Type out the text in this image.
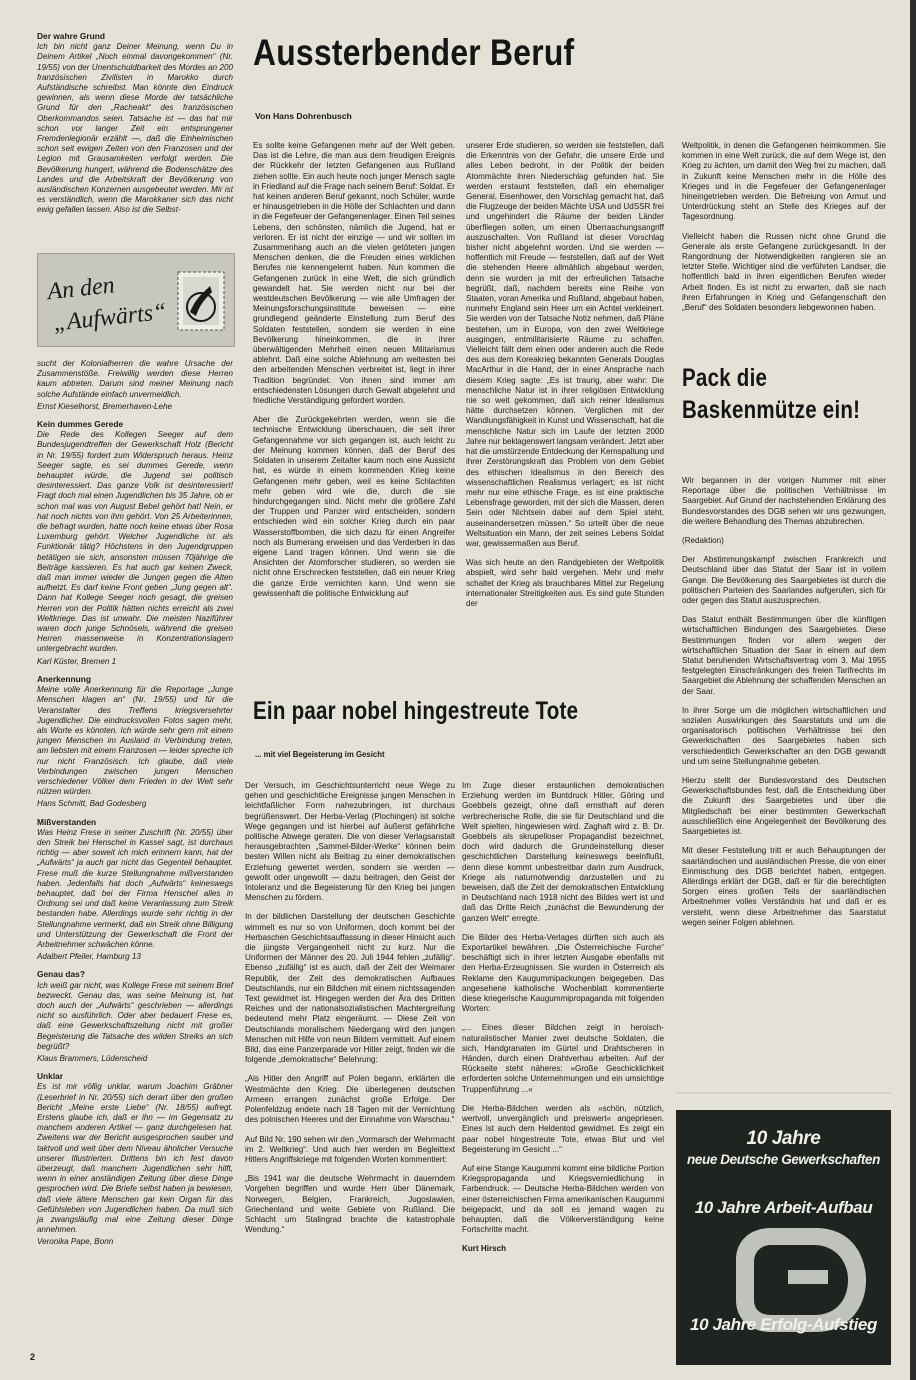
Der wahre Grund

Ich bin nicht ganz Deiner Meinung, wenn Du in Deinem Artikel „Noch einmal davongekommen“ (Nr. 19/55) von der Unentschuldbarkeit des Mordes an 200 französischen Zivilisten in Marokko durch Aufständische schreibst. Man könnte den Eindruck gewinnen, als wenn diese Morde der tatsächliche Grund für den „Racheakt“ des französischen Oberkommandos seien. Tatsache ist — das hat mir schon vor langer Zeit ein entsprungener Fremdenlegionär erzählt —, daß die Einheimischen schon seit ewigen Zeiten von den Franzosen und der Legion mit Grausamkeiten verfolgt werden. Die Bevölkerung hungert, während die Bodenschätze des Landes und die Arbeitskraft der Bevölkerung von ausländischen Konzernen ausgebeutet werden. Mir ist es verständlich, wenn die Marokkaner sich das nicht ewig gefallen lassen. Also ist die Selbst-

An den
„Aufwärts“

sucht der Kolonialherren die wahre Ursache der Zusammenstöße. Freiwillig werden diese Herren kaum abtreten. Darum sind meiner Meinung nach solche Aufstände einfach unvermeidlich.

Ernst Kieselhorst, Bremerhaven-Lehe

Kein dummes Gerede

Die Rede des Kollegen Seeger auf dem Bundesjugendtreffen der Gewerkschaft Holz (Bericht in Nr. 19/55) fordert zum Widerspruch heraus. Heinz Seeger sagte, es sei dummes Gerede, wenn behauptet würde, die Jugend sei politisch desinteressiert. Das ganze Volk ist desinteressiert! Fragt doch mal einen Jugendlichen bis 35 Jahre, ob er schon mal was von August Bebel gehört hat! Nein, er hat noch nichts von ihm gehört. Von 25 Arbeiterinnen, die befragt wurden, hatte noch keine etwas über Rosa Luxemburg gehört. Welcher Jugendliche ist als Funktionär tätig? Höchstens in den Jugendgruppen betätigen sie sich, ansonsten müssen 70jährige die Beiträge kassieren. Es hat auch gar keinen Zweck, daß man immer wieder die Jungen gegen die Alten aufhetzt. Es darf keine Front geben „Jung gegen alt“. Dann hat Kollege Seeger noch gesagt, die greisen Herren von der Politik hätten nichts erreicht als zwei Weltkriege. Das ist unwahr. Die meisten Naziführer waren doch junge Schnösels, während die greisen Herren massenweise in Konzentrationslagern untergebracht wurden.

Karl Küster, Bremen 1

Anerkennung

Meine volle Anerkennung für die Reportage „Junge Menschen klagen an“ (Nr. 19/55) und für die Veranstalter des Treffens kriegsversehrter Jugendlicher. Die eindrucksvollen Fotos sagen mehr, als Worte es könnten. Ich würde sehr gern mit einem jungen Menschen im Ausland in Verbindung treten, am liebsten mit einem Franzosen — leider spreche ich nur nicht Französisch. Ich glaube, daß viele Verbindungen zwischen jungen Menschen verschiedener Völker dem Frieden in der Welt sehr nützen würden.

Hans Schmitt, Bad Godesberg

Mißverstanden

Was Heinz Frese in seiner Zuschrift (Nr. 20/55) über den Streik bei Henschel in Kassel sagt, ist durchaus richtig — aber soweit ich mich erinnern kann, hat der „Aufwärts“ ja auch gar nicht das Gegenteil behauptet. Frese muß die kurze Stellungnahme mißverstanden haben. Jedenfalls hat doch „Aufwärts“ keineswegs behauptet, daß bei der Firma Henschel alles in Ordnung sei und daß keine Veranlassung zum Streik bestanden habe. Allerdings wurde sehr richtig in der Stellungnahme vermerkt, daß ein Streik ohne Billigung und Unterstützung der Gewerkschaft die Front der Arbeitnehmer schwächen könne.

Adalbert Pfeiler, Hamburg 13

Genau das?

Ich weiß gar nicht, was Kollege Frese mit seinem Brief bezweckt. Genau das, was seine Meinung ist, hat doch auch der „Aufwärts“ geschrieben — allerdings nicht so ausführlich. Oder aber bedauert Frese es, daß eine Gewerkschaftszeitung nicht mit großer Begeisterung die Tatsache des wilden Streiks an sich begrüßt?

Klaus Brammers, Lüdenscheid

Unklar

Es ist mir völlig unklar, warum Joachim Gräbner (Leserbrief in Nr. 20/55) sich derart über den großen Bericht „Meine erste Liebe“ (Nr. 18/55) aufregt. Erstens glaube ich, daß er ihn — im Gegensatz zu manchem anderen Artikel — ganz durchgelesen hat. Zweitens war der Bericht ausgesprochen sauber und taktvoll und weit über dem Niveau ähnlicher Versuche unserer Illustrierten. Drittens bin ich fest davon überzeugt, daß manchem Jugendlichen sehr hilft, wenn in einer anständigen Zeitung über diese Dinge gesprochen wird. Die Briefe selbst haben ja bewiesen, daß viele ältere Menschen gar kein Organ für das Gefühlsleben von Jugendlichen haben. Da muß sich ja zwangsläufig mal eine Zeitung dieser Dinge annehmen.

Veronika Pape, Bonn

Aussterbender Beruf
Von Hans Dohrenbusch

Es sollte keine Gefangenen mehr auf der Welt geben. Das ist die Lehre, die man aus dem freudigen Ereignis der Rückkehr der letzten Gefangenen aus Rußland ziehen sollte. Ein auch heute noch junger Mensch sagte in Friedland auf die Frage nach seinem Beruf: Soldat. Er hat keinen anderen Beruf gekannt, noch Schüler, wurde er hinausgetrieben in die Hölle der Schlachten und dann in die Fegefeuer der Gefangenenlager. Einen Teil seines Lebens, den schönsten, nämlich die Jugend, hat er verloren. Er ist nicht der einzige — und wir sollten im Zusammenhang auch an die vielen getöteten jungen Menschen denken, die die Freuden eines wirklichen Berufes nie kennengelernt haben. Nun kommen die Gefangenen zurück in eine Welt, die sich gründlich gewandelt hat. Sie werden nicht nur bei der westdeutschen Bevölkerung — wie alle Umfragen der Meinungsforschungsinstitute beweisen — eine grundlegend geänderte Einstellung zum Beruf des Soldaten feststellen, sondern sie werden in eine Bevölkerung hineinkommen, die in ihrer überwältigenden Mehrheit einen neuen Militarismus ablehnt. Daß eine solche Ablehnung am weitesten bei den arbeitenden Menschen verbreitet ist, liegt in ihrer Tradition begründet. Von ihnen sind immer am entschiedensten Lösungen durch Gewalt abgelehnt und friedliche Verständigung gefordert worden.

Aber die Zurückgekehrten werden, wenn sie die technische Entwicklung überschauen, die seit ihrer Gefangennahme vor sich gegangen ist, auch leicht zu der Meinung kommen können, daß der Beruf des Soldaten in unserem Zeitalter kaum noch eine Aussicht hat, es würde in einem kommenden Krieg keine Gefangenen mehr geben, weil es keine Schlachten mehr geben wird wie die, durch die sie hindurchgegangen sind. Nicht mehr die größere Zahl der Truppen und Panzer wird entscheiden, sondern entschieden wird ein solcher Krieg durch ein paar Wasserstoffbomben, die sich dazu für einen Angreifer noch als Bumerang erweisen und das Verderben in das eigene Land tragen können. Und wenn sie die Ansichten der Atomforscher studieren, so werden sie nicht ohne Erschrecken feststellen, daß ein neuer Krieg die ganze Erde vernichten kann. Und wenn sie gewissenhaft die politische Entwicklung auf

unserer Erde studieren, so werden sie feststellen, daß die Erkenntnis von der Gefahr, die unsere Erde und alles Leben bedroht, in der Politik der beiden Atommächte ihren Niederschlag gefunden hat. Sie werden erstaunt feststellen, daß ein ehemaliger General, Eisenhower, den Vorschlag gemacht hat, daß die Flugzeuge der beiden Mächte USA und UdSSR frei und ungehindert die Räume der beiden Länder überfliegen sollen, um einen Überraschungsangriff auszuschalten. Von Rußland ist dieser Vorschlag bisher nicht abgelehnt worden. Und sie werden — hoffentlich mit Freude — feststellen, daß auf der Welt die stehenden Heere allmählich abgebaut werden, denn sie wurden ja mit der erfreulichen Tatsache begrüßt, daß, nachdem bereits eine Reihe von Staaten, voran Amerika und Rußland, abgebaut haben, nunmehr England sein Heer um ein Achtel verkleinert. Sie werden von der Tatsache Notiz nehmen, daß Pläne bestehen, um in Europa, von den zwei Weltkriege ausgingen, entmilitarisierte Räume zu schaffen. Vielleicht fällt dem einen oder anderen auch die Rede des aus dem Koreakrieg bekannten Generals Douglas MacArthur in die Hand, der in einer Ansprache nach diesem Krieg sagte: „Es ist traurig, aber wahr: Die menschliche Natur ist in ihrer religiösen Entwicklung nie so weit gekommen, daß sich reiner Idealismus hätte durchsetzen können. Verglichen mit der Wandlungsfähigkeit in Kunst und Wissenschaft, hat die menschliche Natur sich im Laufe der letzten 2000 Jahre nur beklagenswert langsam verändert. Jetzt aber hat die umstürzende Entdeckung der Kernspaltung und ihrer Zerstörungskraft das Problem von dem Gebiet des ethischen Idealismus in den Bereich des wissenschaftlichen Realismus verlagert; es ist nicht mehr nur eine ethische Frage, es ist eine praktische Lebensfrage geworden, mit der sich die Massen, deren Sein oder Nichtsein dabei auf dem Spiel steht, auseinandersetzen müssen.“ So urteilt über die neue Weltsituation ein Mann, der zeit seines Lebens Soldat war, gewissermaßen aus Beruf.

Was sich heute an den Randgebieten der Weltpolitik abspielt, wird sehr bald vergehen. Mehr und mehr schaltet der Krieg als brauchbares Mittel zur Regelung internationaler Streitigkeiten aus. Es sind gute Stunden der

Weltpolitik, in denen die Gefangenen heimkommen. Sie kommen in eine Welt zurück, die auf dem Wege ist, den Krieg zu ächten, um damit den Weg frei zu machen, daß in Zukunft keine Menschen mehr in die Hölle des Krieges und in die Fegefeuer der Gefangenenlager hineingetrieben werden. Die Befreiung von Armut und Unterdrückung steht an Stelle des Krieges auf der Tagesordnung.

Vielleicht haben die Russen nicht ohne Grund die Generale als erste Gefangene zurückgesandt. In der Rangordnung der Notwendigkeiten rangieren sie an letzter Stelle. Wichtiger sind die verführten Landser, die hoffentlich bald in ihren eigentlichen Berufen wieder Arbeit finden. Es ist nicht zu erwarten, daß sie nach ihren Erfahrungen in Krieg und Gefangenschaft den „Beruf“ des Soldaten besonders liebgewonnen haben.

Pack die
Baskenmütze ein!

Wir begannen in der vorigen Nummer mit einer Reportage über die politischen Verhältnisse im Saargebiet. Auf Grund der nachstehenden Erklärung des Bundesvorstandes des DGB sehen wir uns gezwungen, die weitere Behandlung des Themas abzubrechen.

(Redaktion)

Der Abstimmungskampf zwischen Frankreich und Deutschland über das Statut der Saar ist in vollem Gange. Die Bevölkerung des Saargebietes ist durch die politischen Parteien des Saarlandes aufgerufen, sich für oder gegen das Statut auszusprechen.

Das Statut enthält Bestimmungen über die künftigen wirtschaftlichen Bindungen des Saargebietes. Diese Bestimmungen finden vor allem wegen der wirtschaftlichen Situation der Saar in einem auf dem Statut beruhenden Wirtschaftsvertrag vom 3. Mai 1955 festgelegten Einschränkungen des freien Tarifrechts im Saargebiet die Ablehnung der schaffenden Menschen an der Saar.

In ihrer Sorge um die möglichen wirtschaftlichen und sozialen Auswirkungen des Saarstatuts und um die organisatorisch politischen Verhältnisse bei den Gewerkschaften des Saargebietes haben sich verschiedentlich Gewerkschafter an den DGB gewandt und um seine Stellungnahme gebeten.

Hierzu stellt der Bundesvorstand des Deutschen Gewerkschaftsbundes fest, daß die Entscheidung über die Zukunft des Saargebietes und über die Mitgliedschaft bei einer bestimmten Gewerkschaft ausschließlich eine Angelegenheit der Bevölkerung des Saargebietes ist.

Mit dieser Feststellung tritt er auch Behauptungen der saarländischen und ausländischen Presse, die von einer Einmischung des DGB berichtet haben, entgegen. Allerdings erklärt der DGB, daß er für die berechtigten Sorgen eines großen Teils der saarländischen Arbeitnehmer volles Verständnis hat und daß er es versteht, wenn diese Arbeitnehmer das Saarstatut wegen seiner Folgen ablehnen.

Ein paar nobel hingestreute Tote
... mit viel Begeisterung im Gesicht

Der Versuch, im Geschichtsunterricht neue Wege zu gehen und geschichtliche Ereignisse jungen Menschen in leichtfaßlicher Form nahezubringen, ist durchaus begrüßenswert. Der Herba-Verlag (Plochingen) ist solche Wege gegangen und ist hierbei auf äußerst gefährliche politische Abwege geraten. Die von dieser Verlagsanstalt herausgebrachten „Sammel-Bilder-Werke“ können beim besten Willen nicht als Beitrag zu einer demokratischen Erziehung gewertet werden, sondern sie werden — gewollt oder ungewollt — dazu beitragen, den Geist der Intoleranz und die Begeisterung für den Krieg bei jungen Menschen zu fördern.

In der bildlichen Darstellung der deutschen Geschichte wimmelt es nur so von Uniformen, doch kommt bei der Herbaschen Geschichtsauffassung in dieser Hinsicht auch die jüngste Vergangenheit nicht zu kurz. Nur die Uniformen der Männer des 20. Juli 1944 fehlen „zufällig“. Ebenso „zufällig“ ist es auch, daß der Zeit der Weimarer Republik, der Zeit des demokratischen Aufbaues Deutschlands, nur ein Bildchen mit einem nichtssagenden Text gewidmet ist. Hingegen werden der Ära des Dritten Reiches und der nationalsozialistischen Machtergreifung bedeutend mehr Platz eingeräumt. — Diese Zeit von Deutschlands moralischem Niedergang wird den jungen Menschen mit Hilfe von neun Bildern vermittelt. Auf einem Bild, das eine Panzerparade vor Hitler zeigt, finden wir die folgende „demokratische“ Belehrung:

„Als Hitler den Angriff auf Polen begann, erklärten die Westmächte den Krieg. Die überlegenen deutschen Armeen errangen zunächst große Erfolge. Der Polenfeldzug endete nach 18 Tagen mit der Vernichtung des polnischen Heeres und der Einnahme von Warschau.“

Auf Bild Nr. 190 sehen wir den „Vormarsch der Wehrmacht im 2. Weltkrieg“. Und auch hier werden im Begleittext Hitlers Angriffskriege mit folgenden Worten kommentiert:

„Bis 1941 war die deutsche Wehrmacht in dauerndem Vorgehen begriffen und wurde Herr über Dänemark, Norwegen, Belgien, Frankreich, Jugoslawien, Griechenland und weite Gebiete von Rußland. Die Schlacht um Stalingrad brachte die katastrophale Wendung.“

Im Zuge dieser erstaunlichen demokratischen Erziehung werden im Buntdruck Hitler, Göring und Goebbels gezeigt, ohne daß ernsthaft auf deren verbrecherische Rolle, die sie für Deutschland und die Welt spielten, hingewiesen wird. Zaghaft wird z. B. Dr. Goebbels als skrupelloser Propagandist bezeichnet, doch wird dadurch die Grundeinstellung dieser geschichtlichen Darstellung keineswegs beeinflußt, denn diese kommt unbestreitbar darin zum Ausdruck, Kriege als naturnotwendig darzustellen und zu beweisen, daß die Zeit der demokratischen Entwicklung in Deutschland nach 1918 nicht des Bildes wert ist und daß das Dritte Reich „zunächst die Bewunderung der ganzen Welt“ erregte.

Die Bilder des Herba-Verlages dürften sich auch als Exportartikel bewähren. „Die Österreichische Furche“ beschäftigt sich in ihrer letzten Ausgabe ebenfalls mit den Herba-Erzeugnissen. Sie wurden in Österreich als Reklame den Kaugummipackungen beigegeben. Das angesehene katholische Wochenblatt kommentierte diese kriegerische Kaugummipropaganda mit folgenden Worten:

„... Eines dieser Bildchen zeigt in heroisch-naturalistischer Manier zwei deutsche Soldaten, die sich, Handgranaten im Gürtel und Drahtscheren in Händen, durch einen Drahtverhau arbeiten. Auf der Rückseite steht näheres: »Große Geschicklichkeit erforderten solche Unternehmungen und ein umsichtige Truppenführung ...«

Die Herba-Bildchen werden als »schön, nützlich, wertvoll, unvergänglich und preiswert« angepriesen. Eines ist auch dem Heldentod gewidmet. Es zeigt ein paar nobel hingestreute Tote, etwas Blut und viel Begeisterung im Gesicht ...“

Auf eine Stange Kaugummi kommt eine bildliche Portion Kriegspropaganda und Kriegsverniedlichung in Farbendruck. — Deutsche Herba-Bildchen werden von einer österreichischen Firma amerikanischen Kaugummi beigepackt, und da soll es jemand wagen zu behaupten, daß die Völkerverständigung keine Fortschritte macht.

Kurt Hirsch

10 Jahre
neue Deutsche Gewerkschaften
10 Jahre Arbeit-Aufbau
10 Jahre Erfolg-Aufstieg
2
